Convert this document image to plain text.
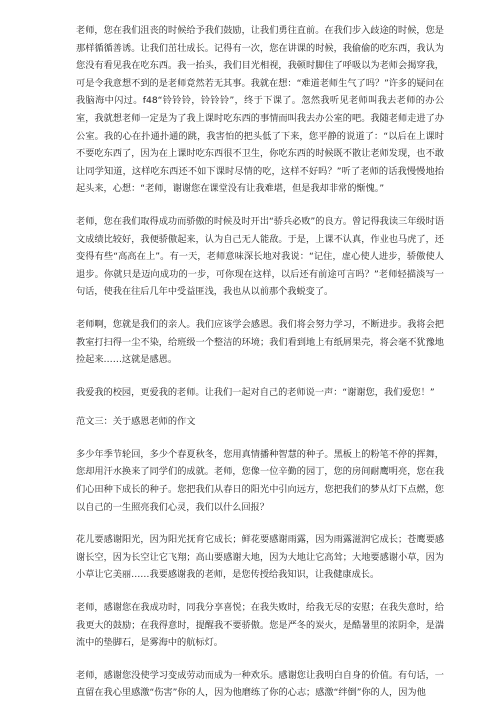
老师，您在我们沮丧的时候给予我们鼓励，让我们勇往直前。在我们步入歧途的时候，您是那样循循善诱。让我们茁壮成长。记得有一次，您在讲课的时候，我偷偷的吃东西，我认为您没有看见我在吃东西。我一抬头，我们目光相视，我顿时脚住了呼吸以为老师会揭穿我，可是令我意想不到的是老师竟然若无其事。我就在想：“难道老师生气了吗？”许多的疑问在我脑海中闪过。f48“铃铃铃，铃铃铃”，终于下课了。忽然我听见老师叫我去老师的办公室，我就想老师一定是为了我上课时吃东西的事情而叫我去办公室的吧。我随老师走进了办公室。我的心在扑通扑通的跳，我害怕的把头低了下来，您平静的说道了：“以后在上课时不要吃东西了，因为在上课时吃东西很不卫生，你吃东西的时候既不散让老师发现，也不敢让同学知道，这样吃东西还不如下课时尽情的吃，这样不好吗？”听了老师的话我慢慢地抬起头来，心想：“老师，谢谢您在课堂没有让我难堪，但是我却非常的惭愧。”

老师，您在我们取得成功而骄傲的时候及时开出“骄兵必败”的良方。曾记得我读三年级时语文成绩比较好，我便骄傲起来，认为自己无人能敌。于是，上课不认真，作业也马虎了，还变得有些“高高在上”。有一天，老师意味深长地对我说：“记住，虚心使人进步，骄傲使人退步。你就只是迈向成功的一步，可你现在这样，以后还有前途可言吗？”老师轻描淡写一句话，使我在往后几年中受益匪浅，我也从以前那个我蜕变了。

老师啊，您就是我们的亲人。我们应该学会感恩。我们将会努力学习，不断进步。我将会把教室打扫得一尘不染，给班级一个整洁的环境；我们看到地上有纸屑果壳，将会毫不犹豫地捡起来……这就是感恩。

我爱我的校园，更爱我的老师。让我们一起对自己的老师说一声：“谢谢您，我们爱您！”

范文三：关于感恩老师的作文

多少年季节轮回，多少个春夏秋冬，您用真情播种智慧的种子。黑板上的粉笔不停的挥舞，您却用汗水换来了同学们的成就。老师，您像一位辛勤的园丁，您的房间耐鹰明亮，您在我们心田种下成长的种子。您把我们从春日的阳光中引向远方，您把我们的梦从灯下点燃，您以自己的一生照亮我们心灵，我们以什么回报？

花儿要感谢阳光，因为阳光抚育它成长；鲜花要感谢雨露，因为雨露滋润它成长；苍鹰要感谢长空，因为长空让它飞翔；高山要感谢大地，因为大地让它高耸；大地要感谢小草，因为小草让它美丽……我要感谢我的老师，是您传授给我知识，让我健康成长。

老师，感谢您在我成功时，同我分享喜悦；在我失败时，给我无尽的安慰；在我失意时，给我更大的鼓励；在我得意时，提醒我不要骄傲。您是严冬的炭火，是酷暑里的浓阴伞，是湍流中的垫脚石，是雾海中的航标灯。

老师，感谢您没使学习变成劳动而成为一种欢乐。感谢您让我明白自身的价值。有句话，一直留在我心里感激“伤害”你的人，因为他磨练了你的心志；感激“绊倒”你的人，因为他
